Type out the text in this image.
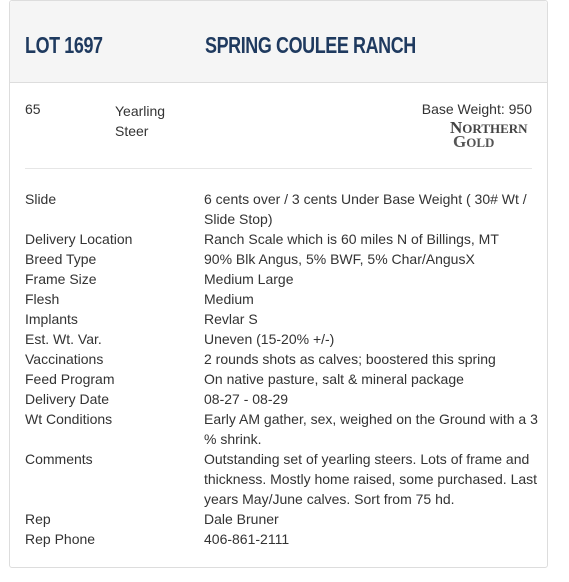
LOT 1697	SPRING COULEE RANCH
65	Yearling
Steer
Base Weight: 950
NORTHERN
GOLD
Slide	6 cents over / 3 cents Under Base Weight ( 30# Wt / Slide Stop)
Delivery Location	Ranch Scale which is 60 miles N of Billings, MT
Breed Type	90% Blk Angus, 5% BWF, 5% Char/AngusX
Frame Size	Medium Large
Flesh	Medium
Implants	Revlar S
Est. Wt. Var.	Uneven (15-20% +/-)
Vaccinations	2 rounds shots as calves; boostered this spring
Feed Program	On native pasture, salt & mineral package
Delivery Date	08-27 - 08-29
Wt Conditions	Early AM gather, sex, weighed on the Ground with a 3 % shrink.
Comments	Outstanding set of yearling steers. Lots of frame and thickness. Mostly home raised, some purchased. Last years May/June calves. Sort from 75 hd.
Rep	Dale Bruner
Rep Phone	406-861-2111
